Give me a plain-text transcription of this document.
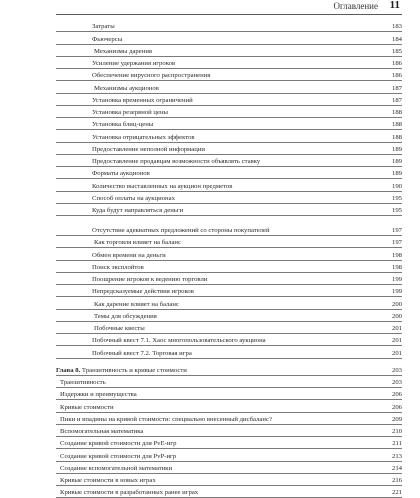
Оглавление 11
Затраты	183
Фьючерсы	184
Механизмы дарения	185
Усиление удержания игроков	186
Обеспечение вирусного распространения	186
Механизмы аукционов	187
Установка временных ограничений	187
Установка резервной цены	188
Установка блиц-цены	188
Установка отрицательных эффектов	188
Предоставление неполной информации	189
Предоставление продавцам возможности объявлять ставку	189
Форматы аукционов	189
Количество выставленных на аукцион предметов	190
Способ оплаты на аукционах	195
Куда будут направляться деньги	195
Отсутствие адекватных предложений со стороны покупателей	197
Как торговля влияет на баланс	197
Обмен времени на деньги	198
Поиск эксплойтов	198
Поощрение игроков к ведению торговли	199
Непредсказуемые действия игроков	199
Как дарение влияет на баланс	200
Темы для обсуждения	200
Побочные квесты	201
Побочный квест 7.1. Хаос многопользовательского аукциона	201
Побочный квест 7.2. Торговая игра	201
Глава 8. Транзитивность и кривые стоимости	203
Транзитивность	203
Издержки и преимущества	206
Кривые стоимости	206
Пики и впадины на кривой стоимости: специально внесенный дисбаланс?	209
Вспомогательная математика	210
Создание кривой стоимости для PvE-игр	211
Создание кривой стоимости для PvP-игр	213
Создание вспомогательной математики	214
Кривые стоимости в новых играх	216
Кривые стоимости в разработанных ранее играх	221
